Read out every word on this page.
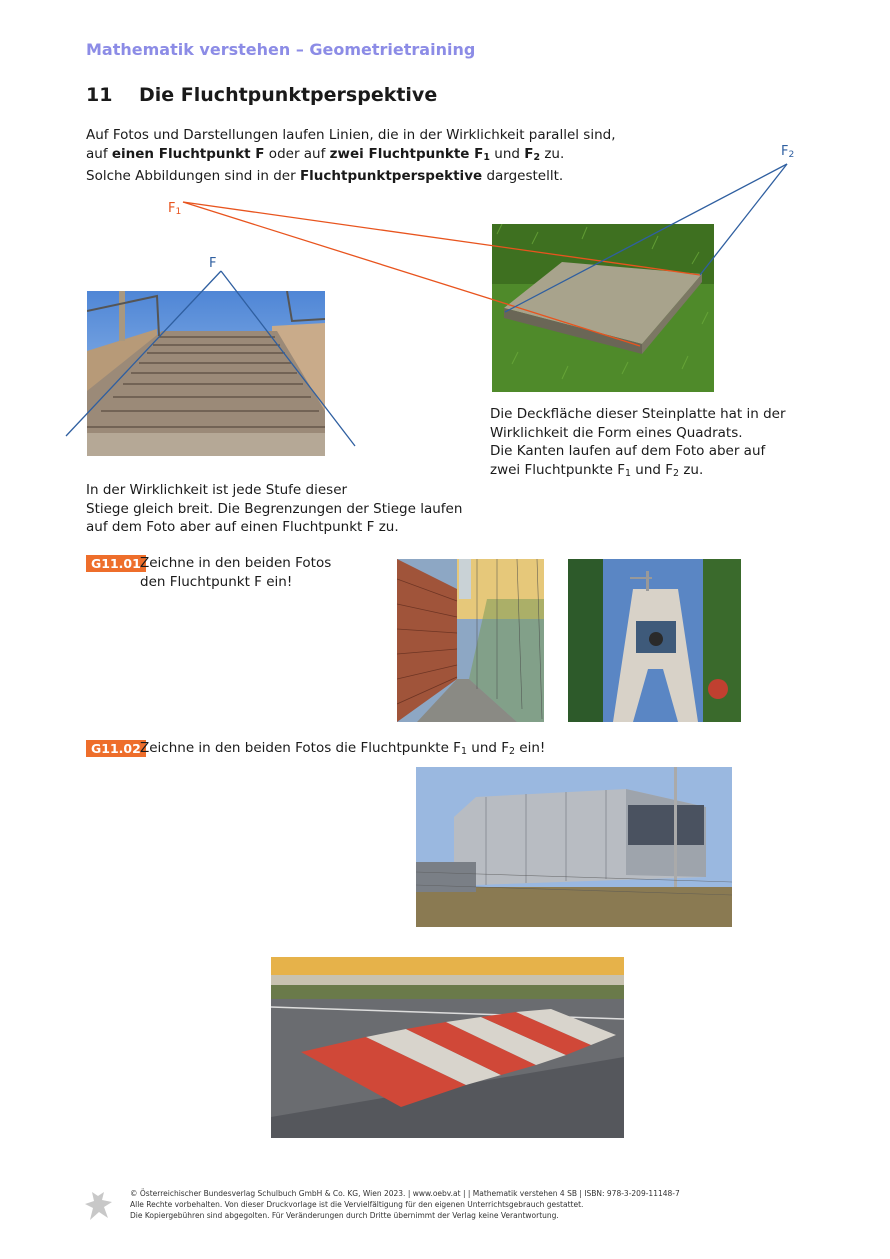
Mathematik verstehen – Geometrietraining
11 Die Fluchtpunktperspektive
Auf Fotos und Darstellungen laufen Linien, die in der Wirklichkeit parallel sind,
auf einen Fluchtpunkt F oder auf zwei Fluchtpunkte $F_1$ und $F_2$ zu.
Solche Abbildungen sind in der Fluchtpunktperspektive dargestellt.
$F_1$
$F_2$
F
Die Deckfläche dieser Steinplatte hat in der
Wirklichkeit die Form eines Quadrats.
Die Kanten laufen auf dem Foto aber auf
zwei Fluchtpunkte $F_1$ und $F_2$ zu.
In der Wirklichkeit ist jede Stufe dieser
Stiege gleich breit. Die Begrenzungen der Stiege laufen
auf dem Foto aber auf einen Fluchtpunkt F zu.
G11.01 Zeichne in den beiden Fotos
den Fluchtpunkt F ein!
G11.02 Zeichne in den beiden Fotos die Fluchtpunkte $F_1$ und $F_2$ ein!
© Österreichischer Bundesverlag Schulbuch GmbH & Co. KG, Wien 2023. | www.oebv.at | | Mathematik verstehen 4 SB | ISBN: 978-3-209-11148-7
Alle Rechte vorbehalten. Von dieser Druckvorlage ist die Vervielfältigung für den eigenen Unterrichtsgebrauch gestattet.
Die Kopiergebühren sind abgegolten. Für Veränderungen durch Dritte übernimmt der Verlag keine Verantwortung.
